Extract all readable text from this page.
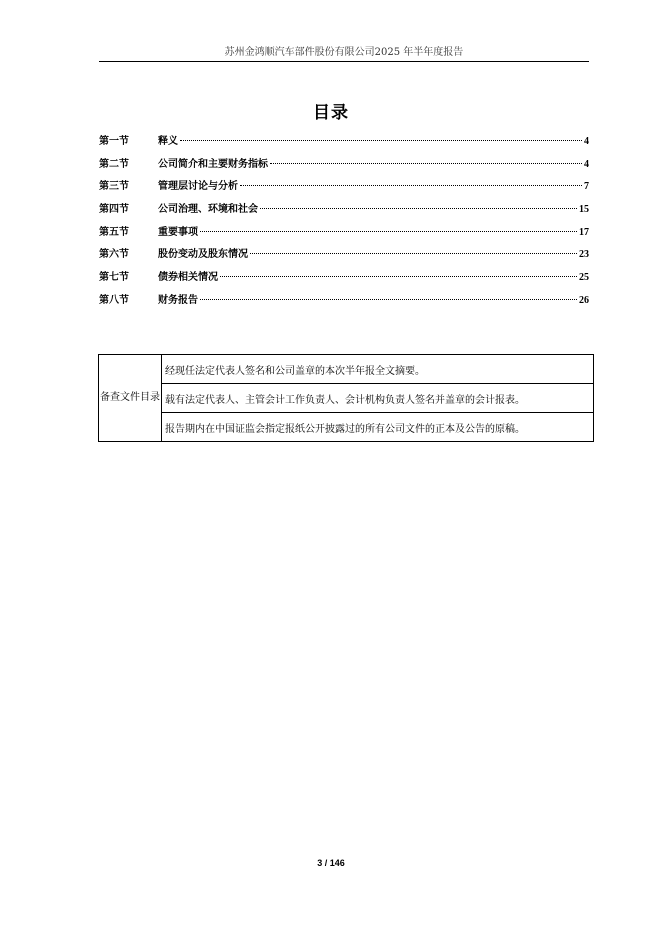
苏州金鸿顺汽车部件股份有限公司2025 年半年度报告
目录
第一节	释义	4
第二节	公司简介和主要财务指标	4
第三节	管理层讨论与分析	7
第四节	公司治理、环境和社会	15
第五节	重要事项	17
第六节	股份变动及股东情况	23
第七节	债券相关情况	25
第八节	财务报告	26
备查文件目录	经现任法定代表人签名和公司盖章的本次半年报全文摘要。
载有法定代表人、主管会计工作负责人、会计机构负责人签名并盖章的会计报表。
报告期内在中国证监会指定报纸公开披露过的所有公司文件的正本及公告的原稿。
3 / 146
